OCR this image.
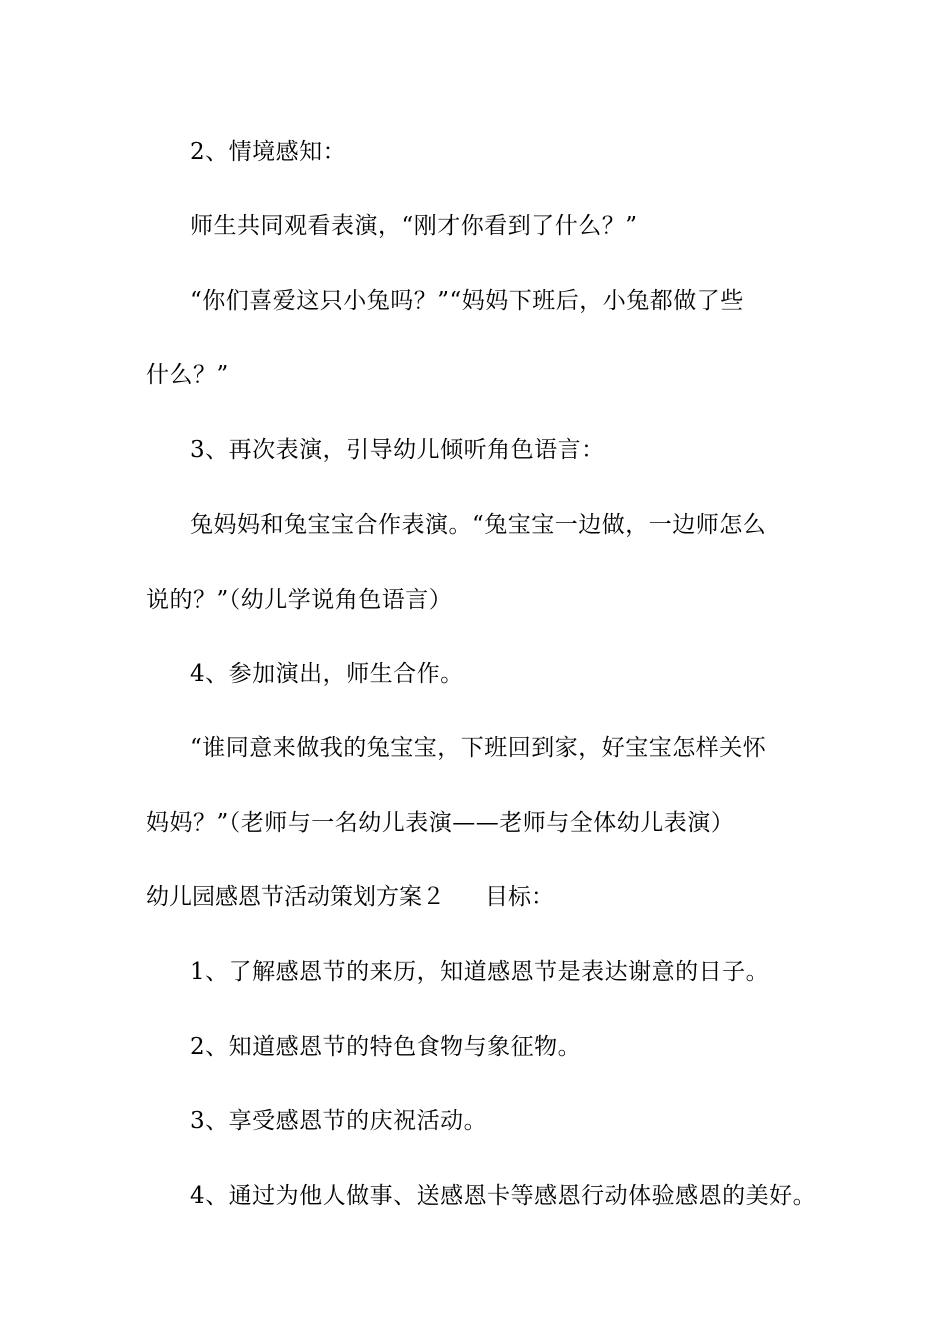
2、情境感知：
师生共同观看表演，“刚才你看到了什么？”
“你们喜爱这只小兔吗？”“妈妈下班后，小兔都做了些
什么？”
3、再次表演，引导幼儿倾听角色语言：
兔妈妈和兔宝宝合作表演。“兔宝宝一边做，一边师怎么
说的？”（幼儿学说角色语言）
4、参加演出，师生合作。
“谁同意来做我的兔宝宝，下班回到家，好宝宝怎样关怀
妈妈？”（老师与一名幼儿表演——老师与全体幼儿表演）
幼儿园感恩节活动策划方案２ 目标：
1、了解感恩节的来历，知道感恩节是表达谢意的日子。
2、知道感恩节的特色食物与象征物。
3、享受感恩节的庆祝活动。
4、通过为他人做事、送感恩卡等感恩行动体验感恩的美好。
